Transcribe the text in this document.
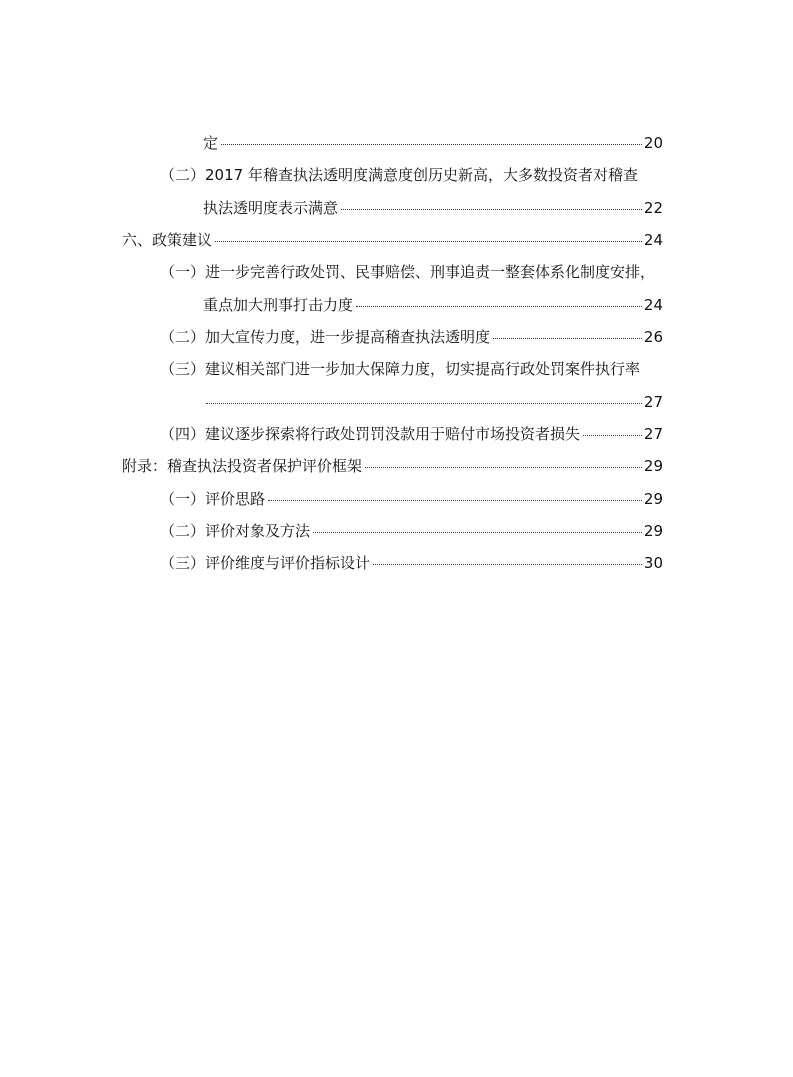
定	20
（二）2017 年稽查执法透明度满意度创历史新高，大多数投资者对稽查
执法透明度表示满意	22
六、政策建议	24
（一）进一步完善行政处罚、民事赔偿、刑事追责一整套体系化制度安排，
重点加大刑事打击力度	24
（二） 加大宣传力度，进一步提高稽查执法透明度	26
（三）建议相关部门进一步加大保障力度，切实提高行政处罚案件执行率
27
（四） 建议逐步探索将行政处罚罚没款用于赔付市场投资者损失	27
附录：稽查执法投资者保护评价框架	29
（一） 评价思路	29
（二） 评价对象及方法	29
（三） 评价维度与评价指标设计	30
